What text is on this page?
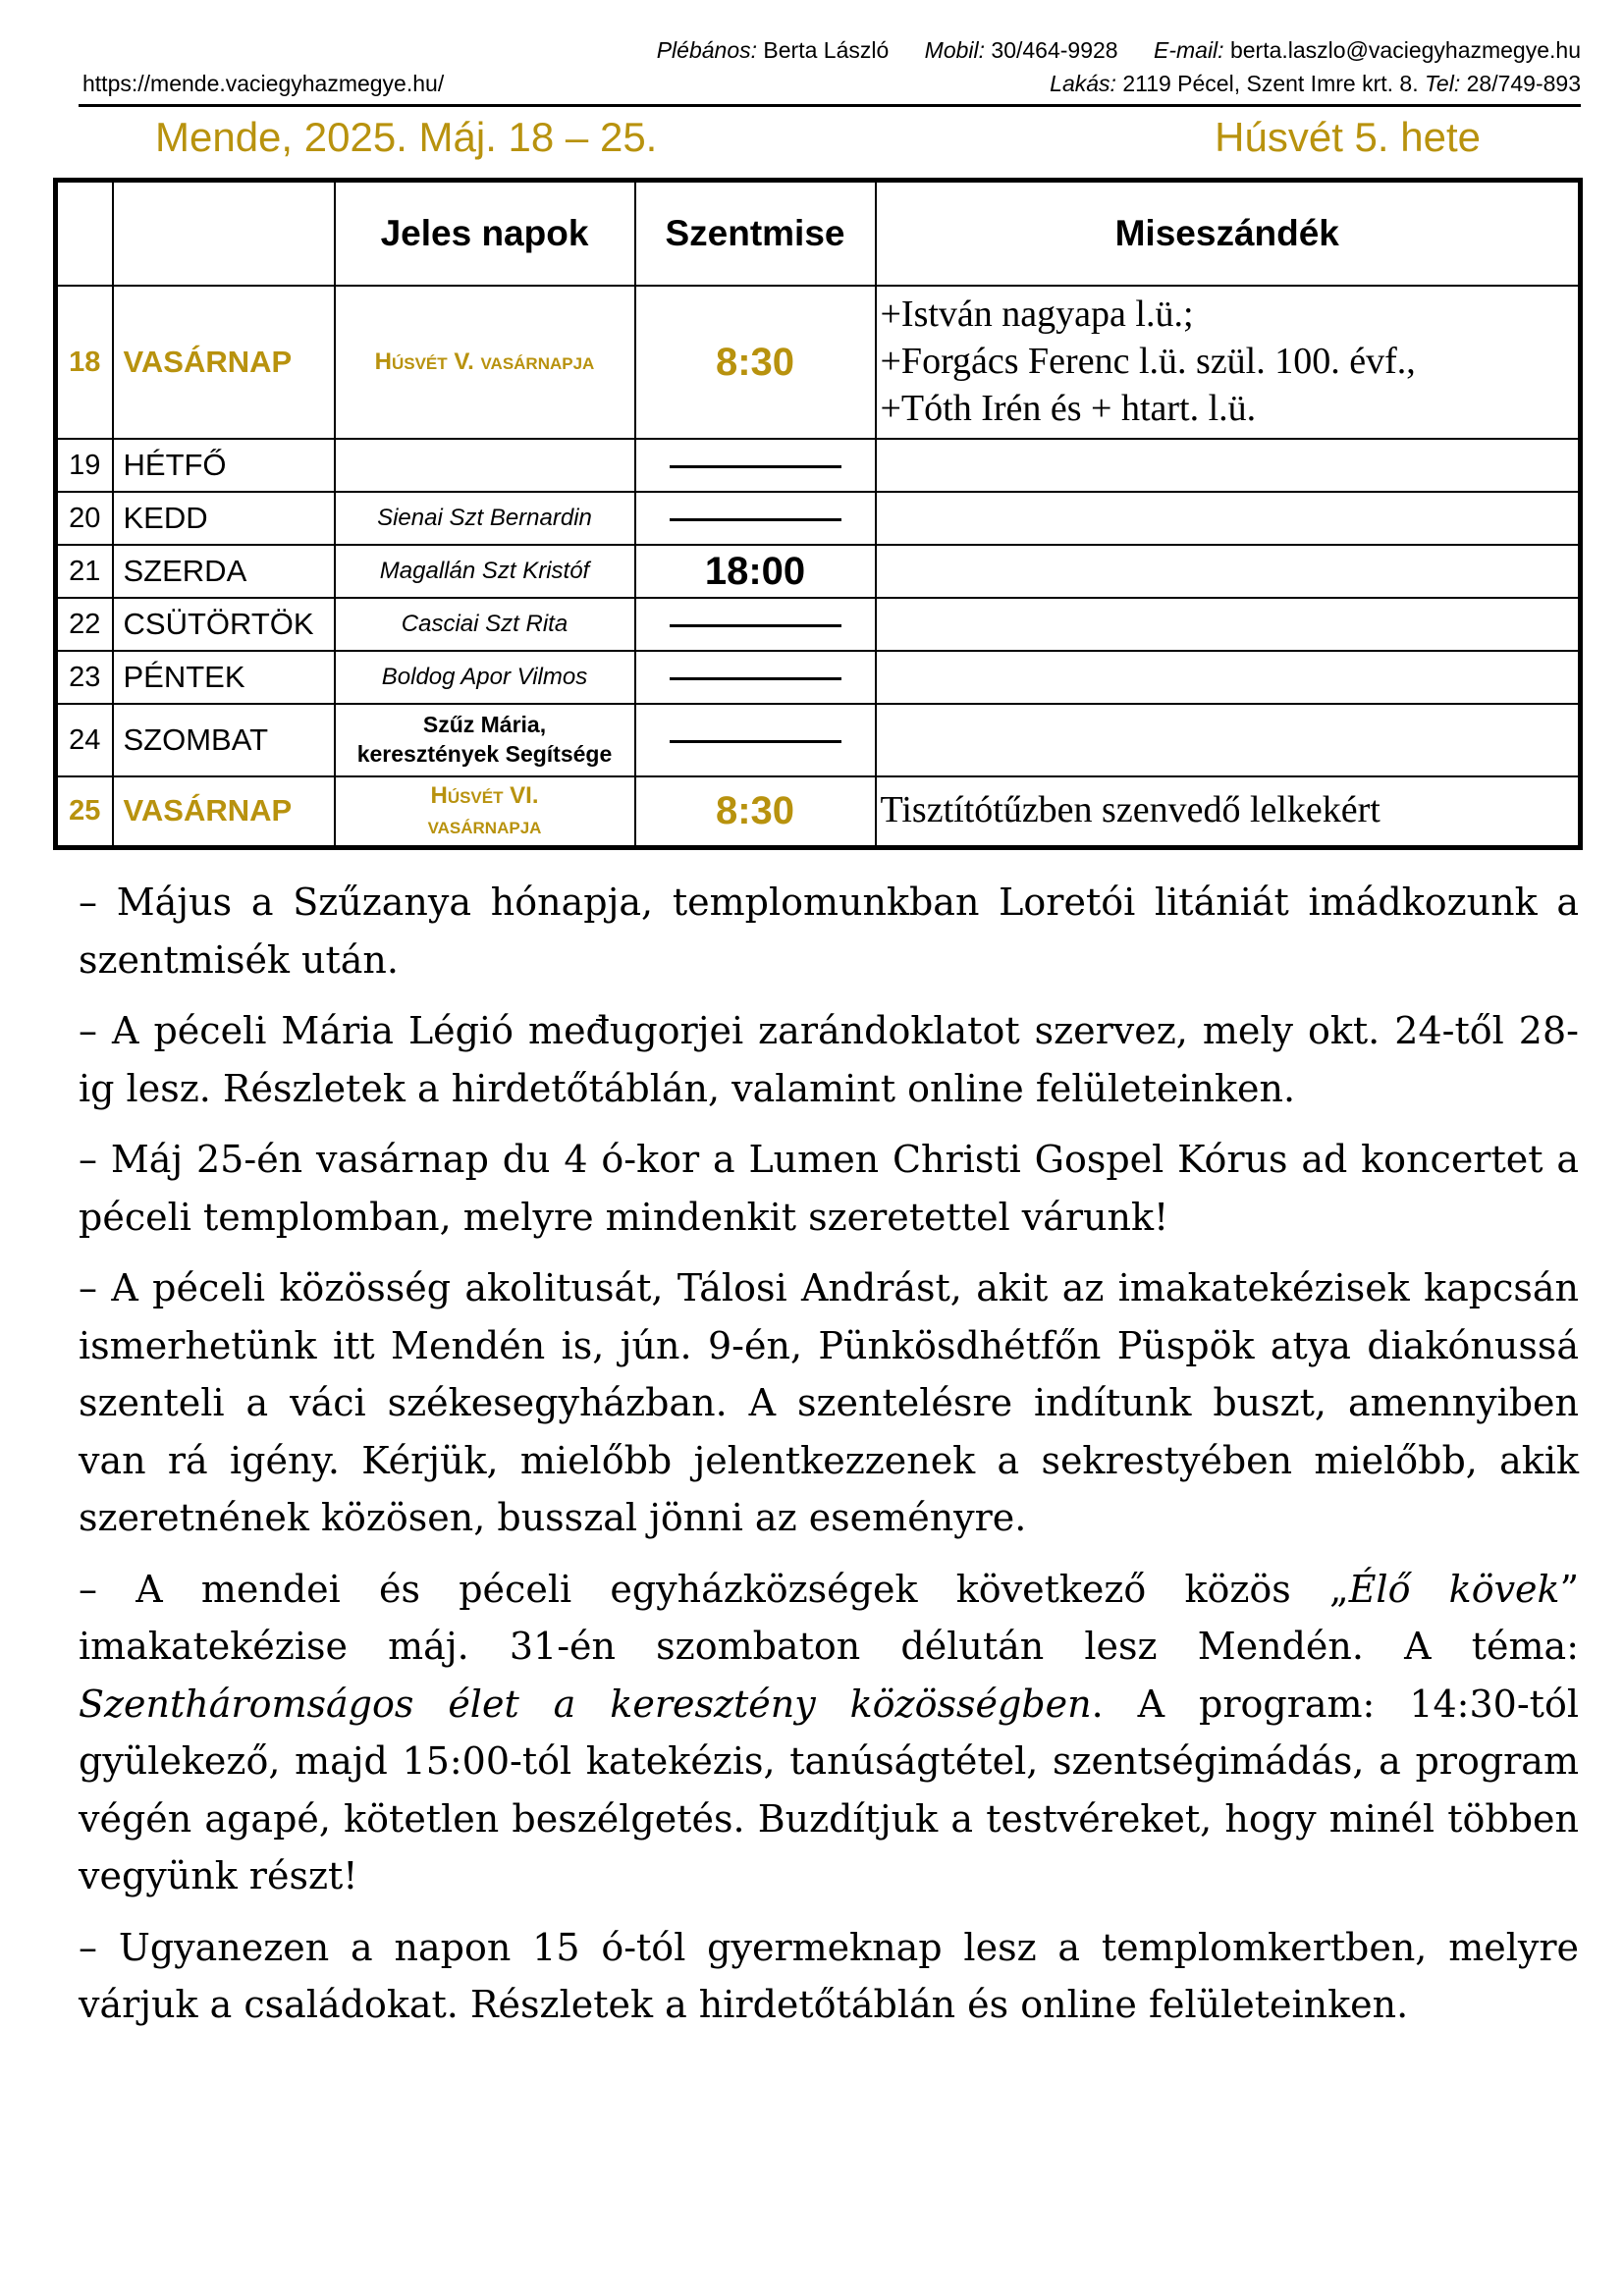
Plébános: Berta László Mobil: 30/464-9928 E-mail: berta.laszlo@vaciegyhazmegye.hu
https://mende.vaciegyhazmegye.hu/	Lakás: 2119 Pécel, Szent Imre krt. 8. Tel: 28/749-893
Mende, 2025. Máj. 18 – 25.	Húsvét 5. hete
		Jeles napok	Szentmise	Miseszándék
18	VASÁRNAP	Húsvét V. vasárnapja	8:30	+István nagyapa l.ü.;
+Forgács Ferenc l.ü. szül. 100. évf.,
+Tóth Irén és + htart. l.ü.

19	HÉTFŐ			
20	KEDD	Sienai Szt Bernardin		
21	SZERDA	Magallán Szt Kristóf	18:00	
22	CSÜTÖRTÖK	Casciai Szt Rita		
23	PÉNTEK	Boldog Apor Vilmos		
24	SZOMBAT	Szűz Mária,
keresztények Segítsége		

25	VASÁRNAP	Húsvét VI.
vasárnapja	8:30	Tisztítótűzben szenvedő lelkekért

– Május a Szűzanya hónapja, templomunkban Loretói litániát imádkozunk a szentmisék után.

– A péceli Mária Légió međugorjei zarándoklatot szervez, mely okt. 24-től 28-ig lesz. Részletek a hirdetőtáblán, valamint online felületeinken.

– Máj 25-én vasárnap du 4 ó-kor a Lumen Christi Gospel Kórus ad koncertet a péceli templomban, melyre mindenkit szeretettel várunk!

– A péceli közösség akolitusát, Tálosi Andrást, akit az imakatekézisek kapcsán ismerhetünk itt Mendén is, jún. 9-én, Pünkösdhétfőn Püspök atya diakónussá szenteli a váci székesegyházban. A szentelésre indítunk buszt, amennyiben van rá igény. Kérjük, mielőbb jelentkezzenek a sekrestyében mielőbb, akik szeretnének közösen, busszal jönni az eseményre.

– A mendei és péceli egyházközségek következő közös „Élő kövek” imakatekézise máj. 31-én szombaton délután lesz Mendén. A téma: Szentháromságos élet a keresztény közösségben. A program: 14:30-tól gyülekező, majd 15:00-tól katekézis, tanúságtétel, szentségimádás, a program végén agapé, kötetlen beszélgetés. Buzdítjuk a testvéreket, hogy minél többen vegyünk részt!

– Ugyanezen a napon 15 ó-tól gyermeknap lesz a templomkertben, melyre várjuk a családokat. Részletek a hirdetőtáblán és online felületeinken.
